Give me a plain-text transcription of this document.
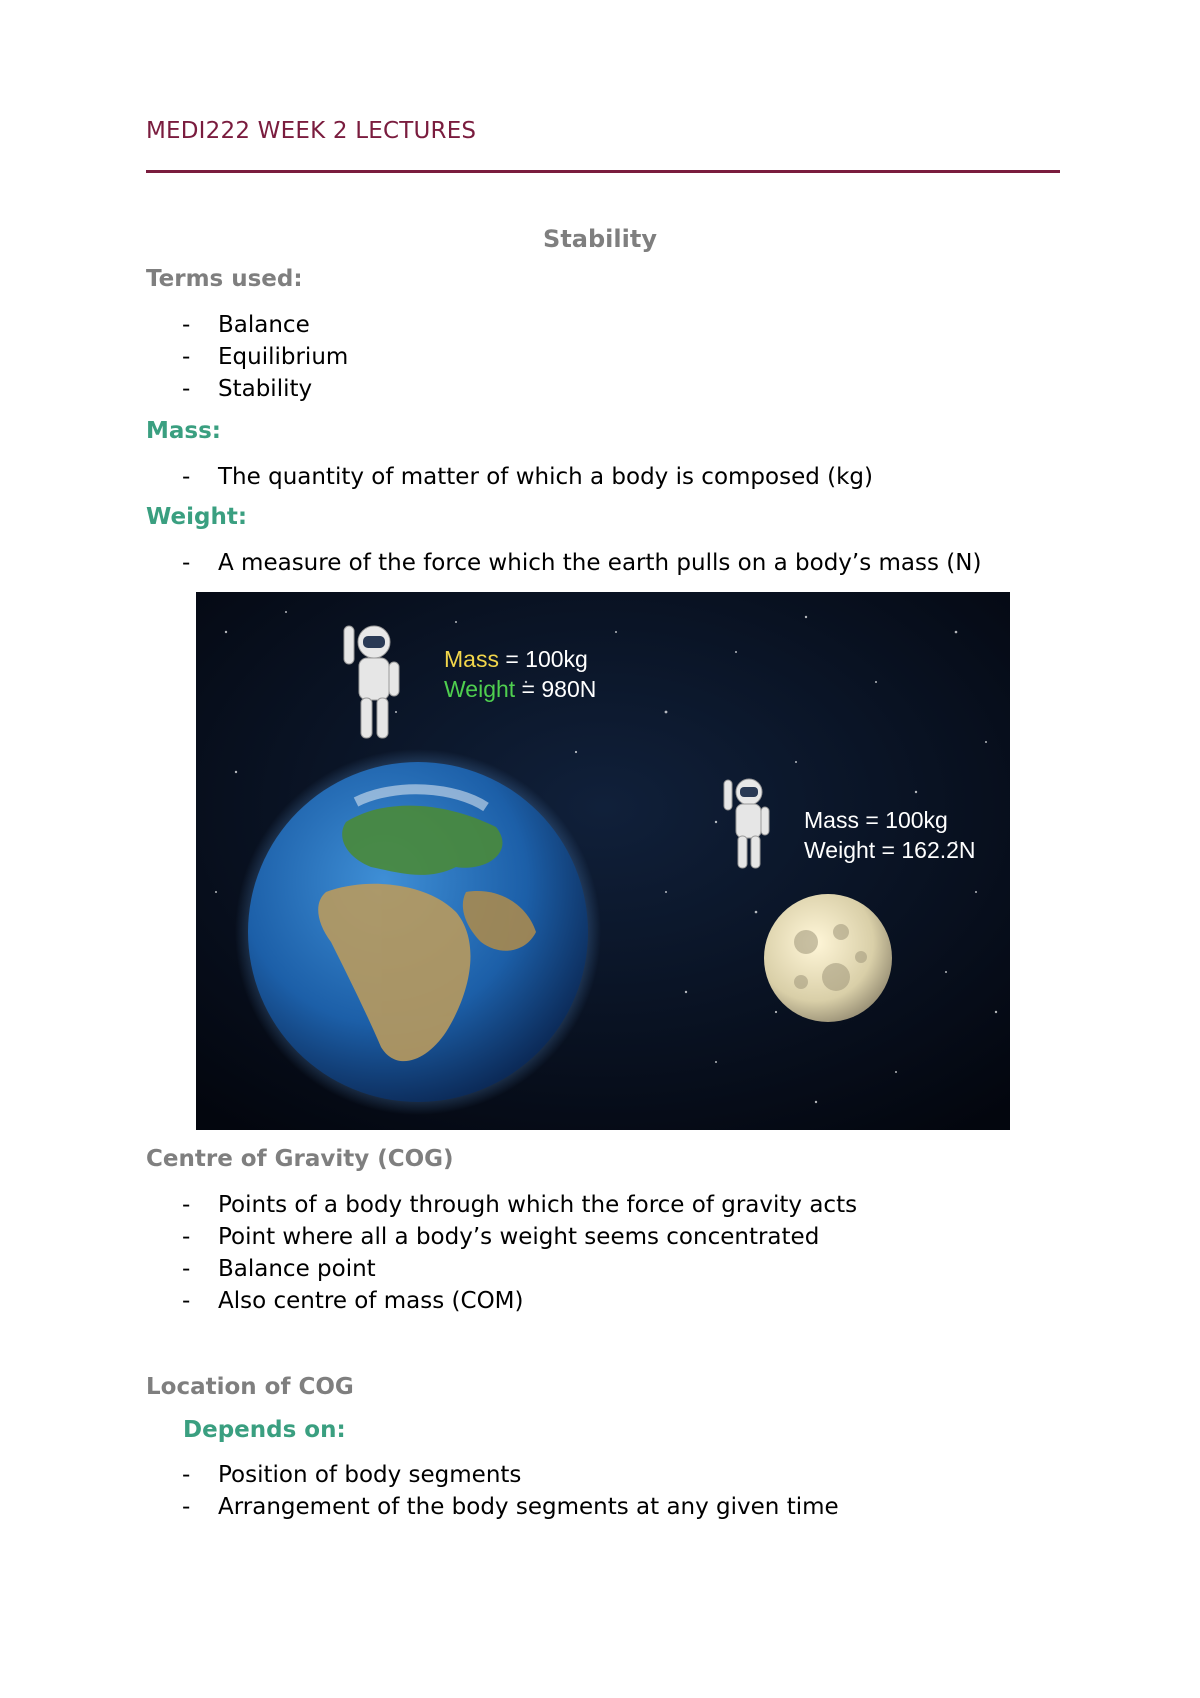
MEDI222 WEEK 2 LECTURES
Stability
Terms used:
- Balance
- Equilibrium
- Stability
Mass:
- The quantity of matter of which a body is composed (kg)
Weight:
- A measure of the force which the earth pulls on a body’s mass (N)
Mass = 100kg
Weight = 980N
Mass = 100kg
Weight = 162.2N
Centre of Gravity (COG)
- Points of a body through which the force of gravity acts
- Point where all a body’s weight seems concentrated
- Balance point
- Also centre of mass (COM)
Location of COG
Depends on:
- Position of body segments
- Arrangement of the body segments at any given time
